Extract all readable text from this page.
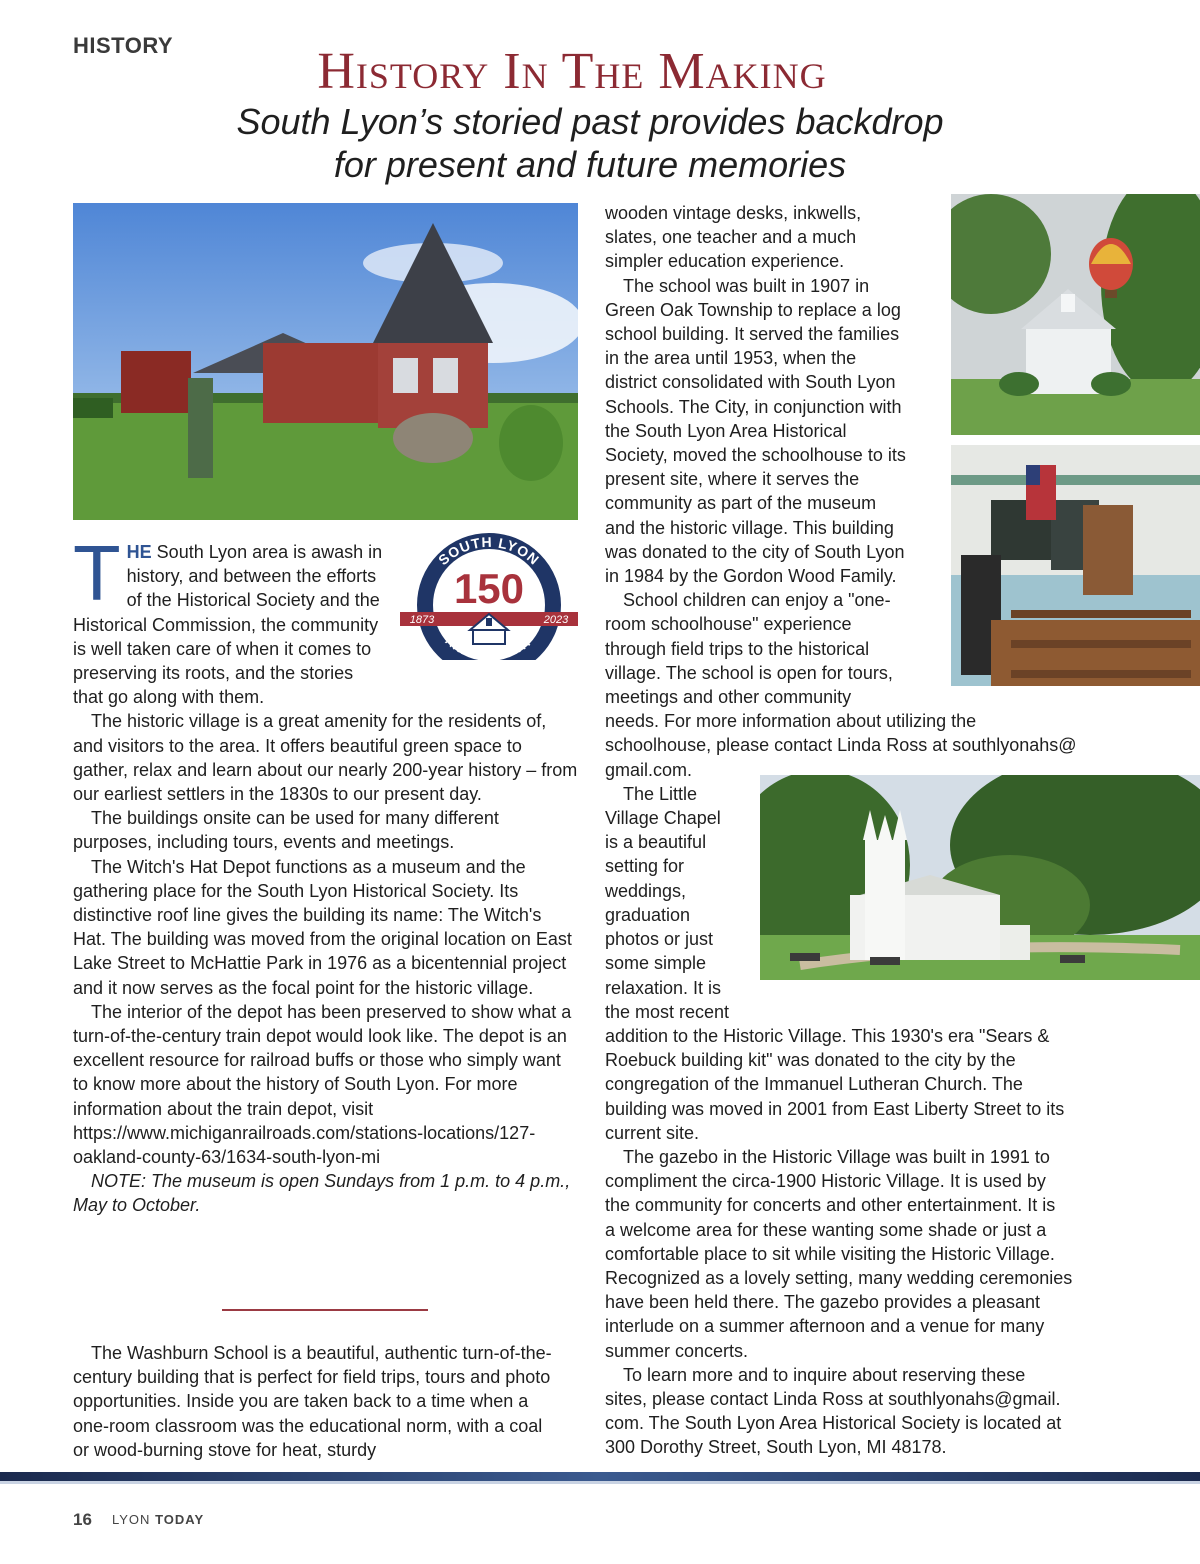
HISTORY	History In The Making
South Lyon’s storied past provides backdrop
for present and future memories
SOUTH LYON
ANNIVERSARY
150
1873	2023

THE South Lyon area is awash in history, and between the efforts of the Historical Society and the Historical Commission, the community is well taken care of when it comes to preserving its roots, and the stories that go along with them.

The historic village is a great amenity for the residents of, and visitors to the area. It offers beautiful green space to gather, relax and learn about our nearly 200-year history – from our earliest settlers in the 1830s to our present day.

The buildings onsite can be used for many different purposes, including tours, events and meetings.

The Witch's Hat Depot functions as a museum and the gathering place for the South Lyon Historical Society. Its distinctive roof line gives the building its name: The Witch's Hat. The building was moved from the original location on East Lake Street to McHattie Park in 1976 as a bicentennial project and it now serves as the focal point for the historic village.

The interior of the depot has been preserved to show what a turn-of-the-century train depot would look like. The depot is an excellent resource for railroad buffs or those who simply want to know more about the history of South Lyon. For more information about the train depot, visit https://www.michiganrailroads.com/stations-locations/127-oakland-county-63/1634-south-lyon-mi

NOTE: The museum is open Sundays from 1 p.m. to 4 p.m., May to October.

The Washburn School is a beautiful, authentic turn-of-the-century building that is perfect for field trips, tours and photo opportunities. Inside you are taken back to a time when a one-room classroom was the educational norm, with a coal or wood-burning stove for heat, sturdy

wooden vintage desks, inkwells,
slates, one teacher and a much
simpler education experience.
The school was built in 1907 in
Green Oak Township to replace a log
school building. It served the families
in the area until 1953, when the
district consolidated with South Lyon
Schools. The City, in conjunction with
the South Lyon Area Historical
Society, moved the schoolhouse to its
present site, where it serves the
community as part of the museum
and the historic village. This building
was donated to the city of South Lyon
in 1984 by the Gordon Wood Family.
School children can enjoy a "one-
room schoolhouse" experience
through field trips to the historical
village. The school is open for tours,
meetings and other community
needs. For more information about utilizing the
schoolhouse, please contact Linda Ross at southlyonahs@
gmail.com.
The Little
Village Chapel
is a beautiful
setting for
weddings,
graduation
photos or just
some simple
relaxation. It is
the most recent
addition to the Historic Village. This 1930's era "Sears &
Roebuck building kit" was donated to the city by the
congregation of the Immanuel Lutheran Church. The
building was moved in 2001 from East Liberty Street to its
current site.
The gazebo in the Historic Village was built in 1991 to
compliment the circa-1900 Historic Village. It is used by
the community for concerts and other entertainment. It is
a welcome area for these wanting some shade or just a
comfortable place to sit while visiting the Historic Village.
Recognized as a lovely setting, many wedding ceremonies
have been held there. The gazebo provides a pleasant
interlude on a summer afternoon and a venue for many
summer concerts.
To learn more and to inquire about reserving these
sites, please contact Linda Ross at southlyonahs@gmail.
com. The South Lyon Area Historical Society is located at
300 Dorothy Street, South Lyon, MI 48178.
16 LYON TODAY
